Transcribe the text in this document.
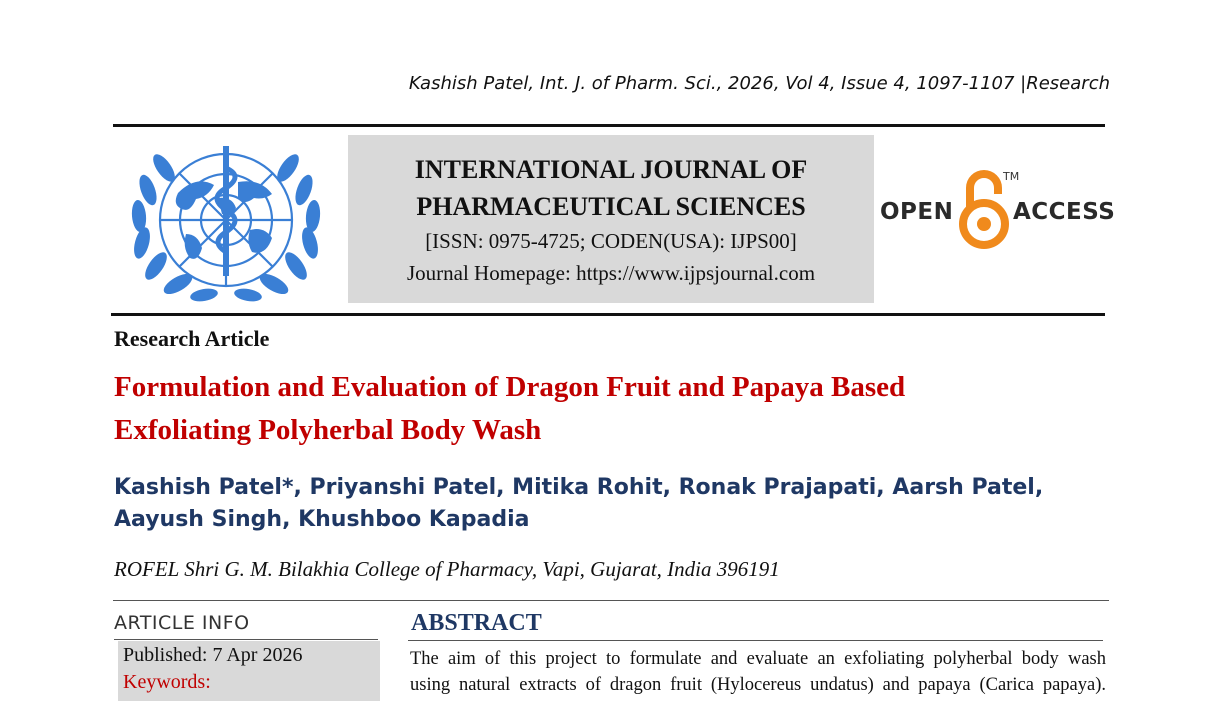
Kashish Patel, Int. J. of Pharm. Sci., 2026, Vol 4, Issue 4, 1097-1107 |Research
INTERNATIONAL JOURNAL OF
PHARMACEUTICAL SCIENCES
[ISSN: 0975-4725; CODEN(USA): IJPS00]
Journal Homepage: https://www.ijpsjournal.com
OPEN
TM
ACCESS
Research Article
Formulation and Evaluation of Dragon Fruit and Papaya Based
Exfoliating Polyherbal Body Wash
Kashish Patel*, Priyanshi Patel, Mitika Rohit, Ronak Prajapati, Aarsh Patel,
Aayush Singh, Khushboo Kapadia
ROFEL Shri G. M. Bilakhia College of Pharmacy, Vapi, Gujarat, India 396191
ARTICLE INFO
Published: 7 Apr 2026
Keywords:
ABSTRACT
The aim of this project to formulate and evaluate an exfoliating polyherbal body wash
using natural extracts of dragon fruit (Hylocereus undatus) and papaya (Carica papaya).
